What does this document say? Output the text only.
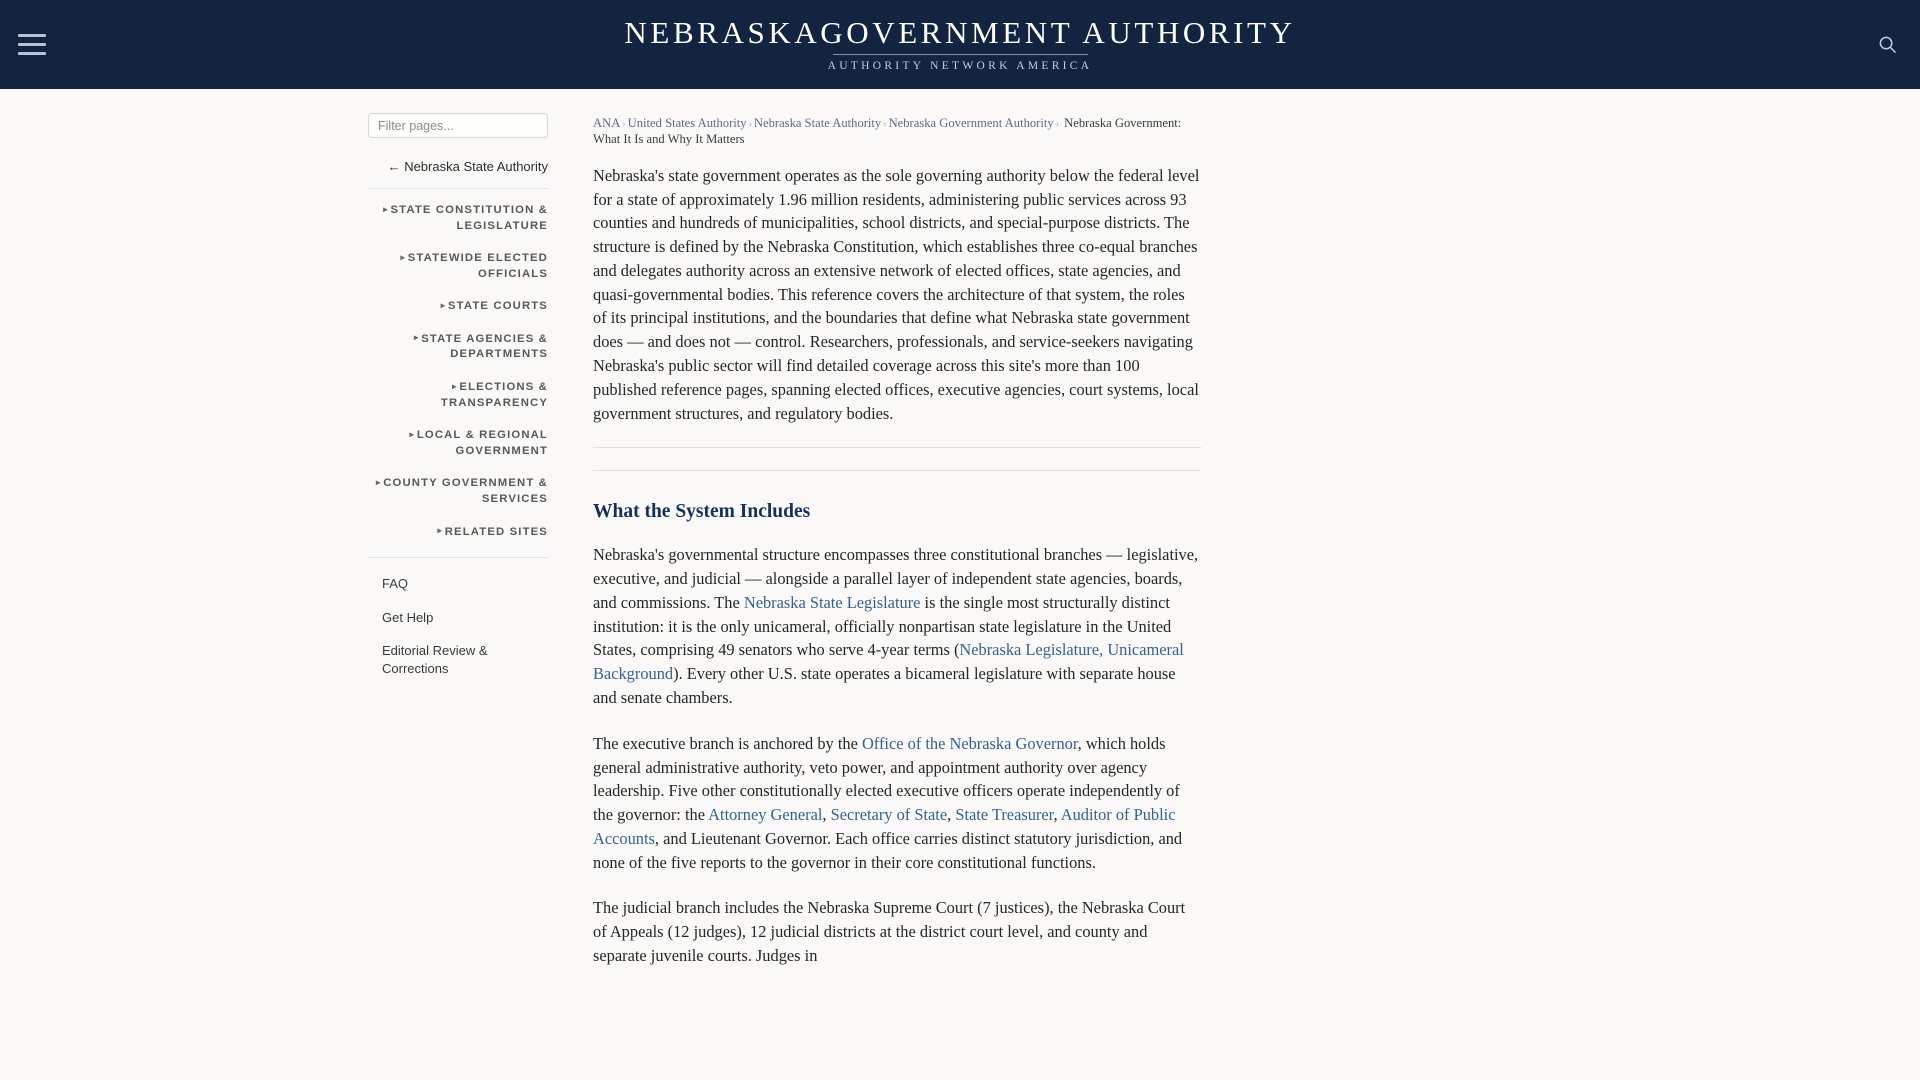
NEBRASKAGOVERNMENT AUTHORITY
AUTHORITY NETWORK AMERICA
Filter pages...
← Nebraska State Authority
▸ STATE CONSTITUTION & LEGISLATURE
▸ STATEWIDE ELECTED OFFICIALS
▸ STATE COURTS
▸ STATE AGENCIES & DEPARTMENTS
▸ ELECTIONS & TRANSPARENCY
▸ LOCAL & REGIONAL GOVERNMENT
▸ COUNTY GOVERNMENT & SERVICES
▸ RELATED SITES
FAQ
Get Help
Editorial Review & Corrections
ANA › United States Authority › Nebraska State Authority › Nebraska Government Authority › Nebraska Government: What It Is and Why It Matters

Nebraska's state government operates as the sole governing authority below the federal level for a state of approximately 1.96 million residents, administering public services across 93 counties and hundreds of municipalities, school districts, and special-purpose districts. The structure is defined by the Nebraska Constitution, which establishes three co-equal branches and delegates authority across an extensive network of elected offices, state agencies, and quasi-governmental bodies. This reference covers the architecture of that system, the roles of its principal institutions, and the boundaries that define what Nebraska state government does — and does not — control. Researchers, professionals, and service-seekers navigating Nebraska's public sector will find detailed coverage across this site's more than 100 published reference pages, spanning elected offices, executive agencies, court systems, local government structures, and regulatory bodies.

What the System Includes

Nebraska's governmental structure encompasses three constitutional branches — legislative, executive, and judicial — alongside a parallel layer of independent state agencies, boards, and commissions. The Nebraska State Legislature is the single most structurally distinct institution: it is the only unicameral, officially nonpartisan state legislature in the United States, comprising 49 senators who serve 4-year terms (Nebraska Legislature, Unicameral Background). Every other U.S. state operates a bicameral legislature with separate house and senate chambers.

The executive branch is anchored by the Office of the Nebraska Governor, which holds general administrative authority, veto power, and appointment authority over agency leadership. Five other constitutionally elected executive officers operate independently of the governor: the Attorney General, Secretary of State, State Treasurer, Auditor of Public Accounts, and Lieutenant Governor. Each office carries distinct statutory jurisdiction, and none of the five reports to the governor in their core constitutional functions.

The judicial branch includes the Nebraska Supreme Court (7 justices), the Nebraska Court of Appeals (12 judges), 12 judicial districts at the district court level, and county and separate juvenile courts. Judges in
